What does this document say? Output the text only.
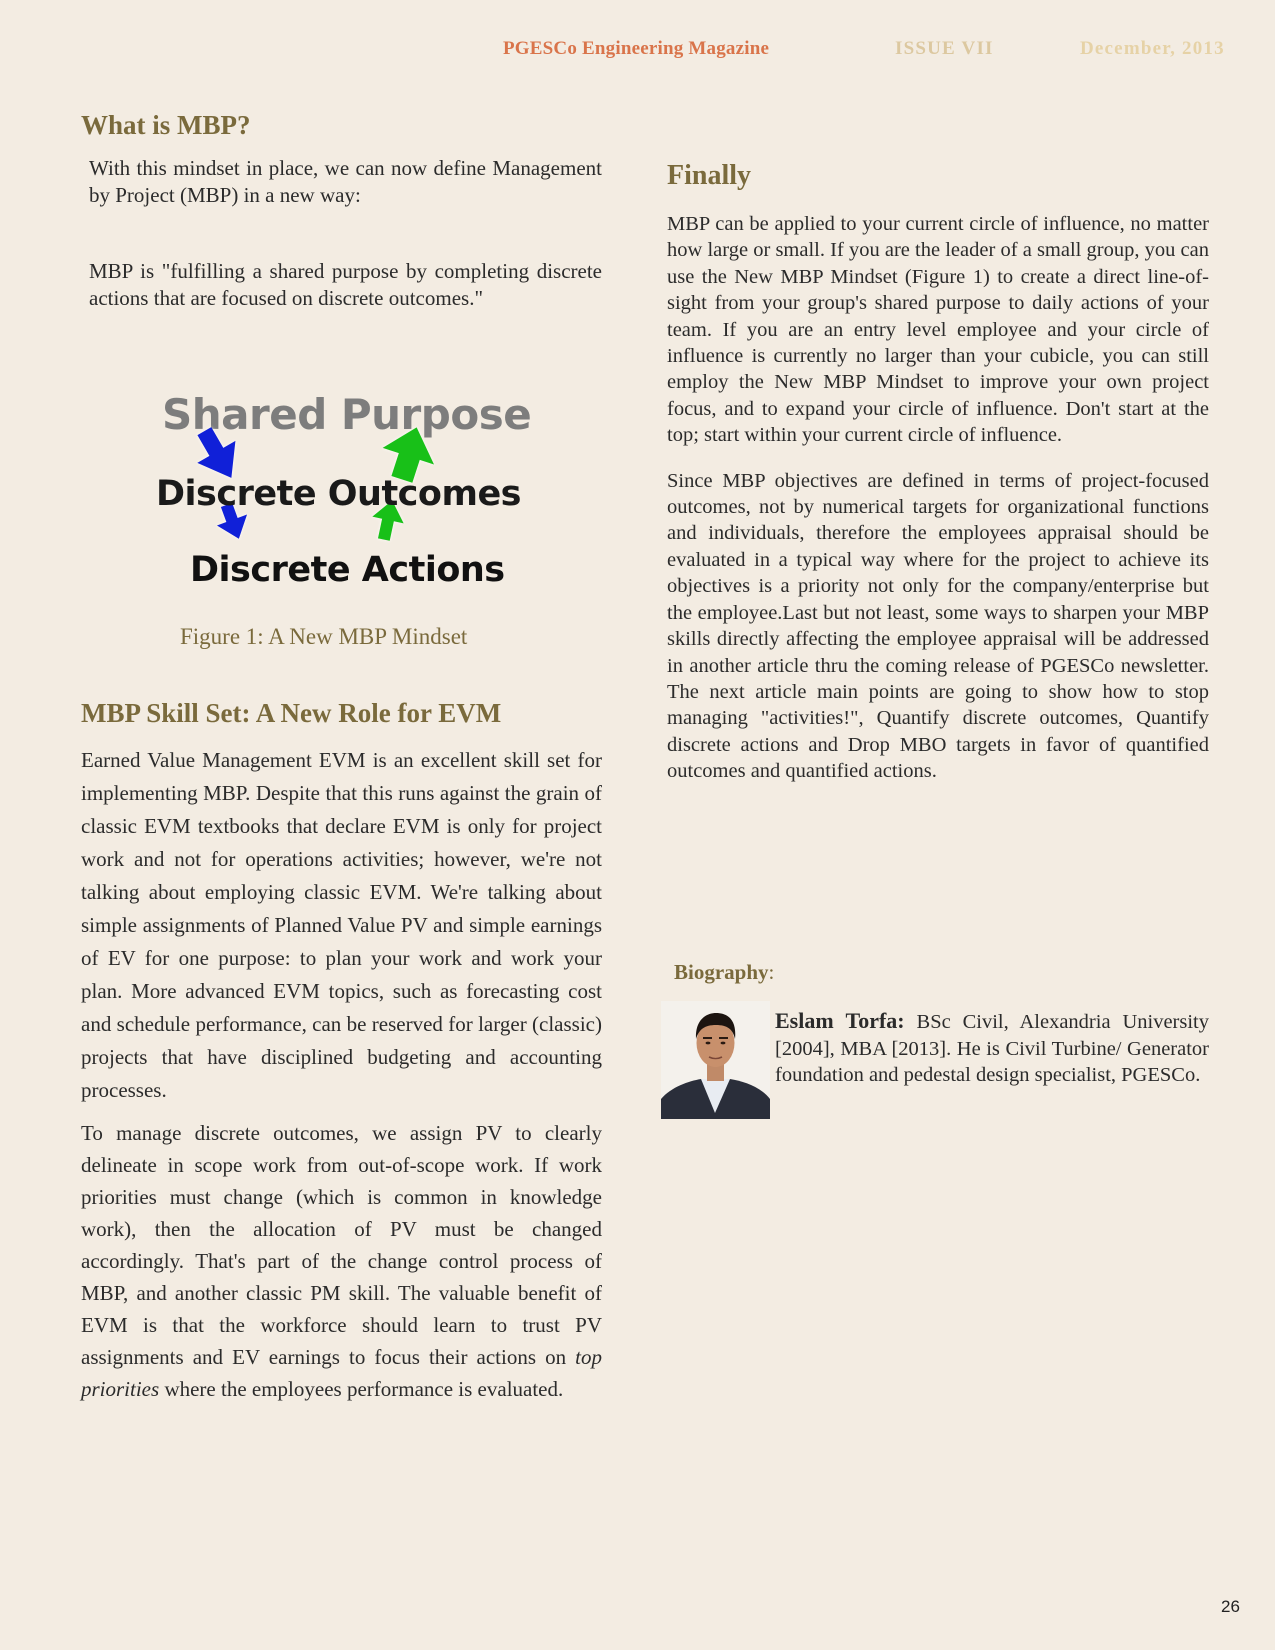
PGESCo Engineering Magazine	ISSUE VII	December, 2013
What is MBP?

With this mindset in place, we can now define Management by Project (MBP) in a new way:

MBP is "fulfilling a shared purpose by completing discrete actions that are focused on discrete outcomes."

Shared Purpose
Discrete Outcomes
Discrete Actions
Figure 1: A New MBP Mindset
MBP Skill Set: A New Role for EVM

Earned Value Management EVM is an excellent skill set for implementing MBP. Despite that this runs against the grain of classic EVM textbooks that declare EVM is only for project work and not for operations activities; however, we're not talking about employing classic EVM. We're talking about simple assignments of Planned Value PV and simple earnings of EV for one purpose: to plan your work and work your plan. More advanced EVM topics, such as forecasting cost and schedule performance, can be reserved for larger (classic) projects that have disciplined budgeting and accounting processes.

To manage discrete outcomes, we assign PV to clearly delineate in scope work from out-of-scope work. If work priorities must change (which is common in knowledge work), then the allocation of PV must be changed accordingly. That's part of the change control process of MBP, and another classic PM skill. The valuable benefit of EVM is that the workforce should learn to trust PV assignments and EV earnings to focus their actions on top priorities where the employees performance is evaluated.

Finally

MBP can be applied to your current circle of influence, no matter how large or small. If you are the leader of a small group, you can use the New MBP Mindset (Figure 1) to create a direct line-of-sight from your group's shared purpose to daily actions of your team. If you are an entry level employee and your circle of influence is currently no larger than your cubicle, you can still employ the New MBP Mindset to improve your own project focus, and to expand your circle of influence. Don't start at the top; start within your current circle of influence.

Since MBP objectives are defined in terms of project-focused outcomes, not by numerical targets for organizational functions and individuals, therefore the employees appraisal should be evaluated in a typical way where for the project to achieve its objectives is a priority not only for the company/enterprise but the employee.Last but not least, some ways to sharpen your MBP skills directly affecting the employee appraisal will be addressed in another article thru the coming release of PGESCo newsletter. The next article main points are going to show how to stop managing "activities!", Quantify discrete outcomes, Quantify discrete actions and Drop MBO targets in favor of quantified outcomes and quantified actions.

Biography:
Eslam Torfa: BSc Civil, Alexandria University [2004], MBA [2013]. He is Civil Turbine/ Generator foundation and pedestal design specialist, PGESCo.
26
